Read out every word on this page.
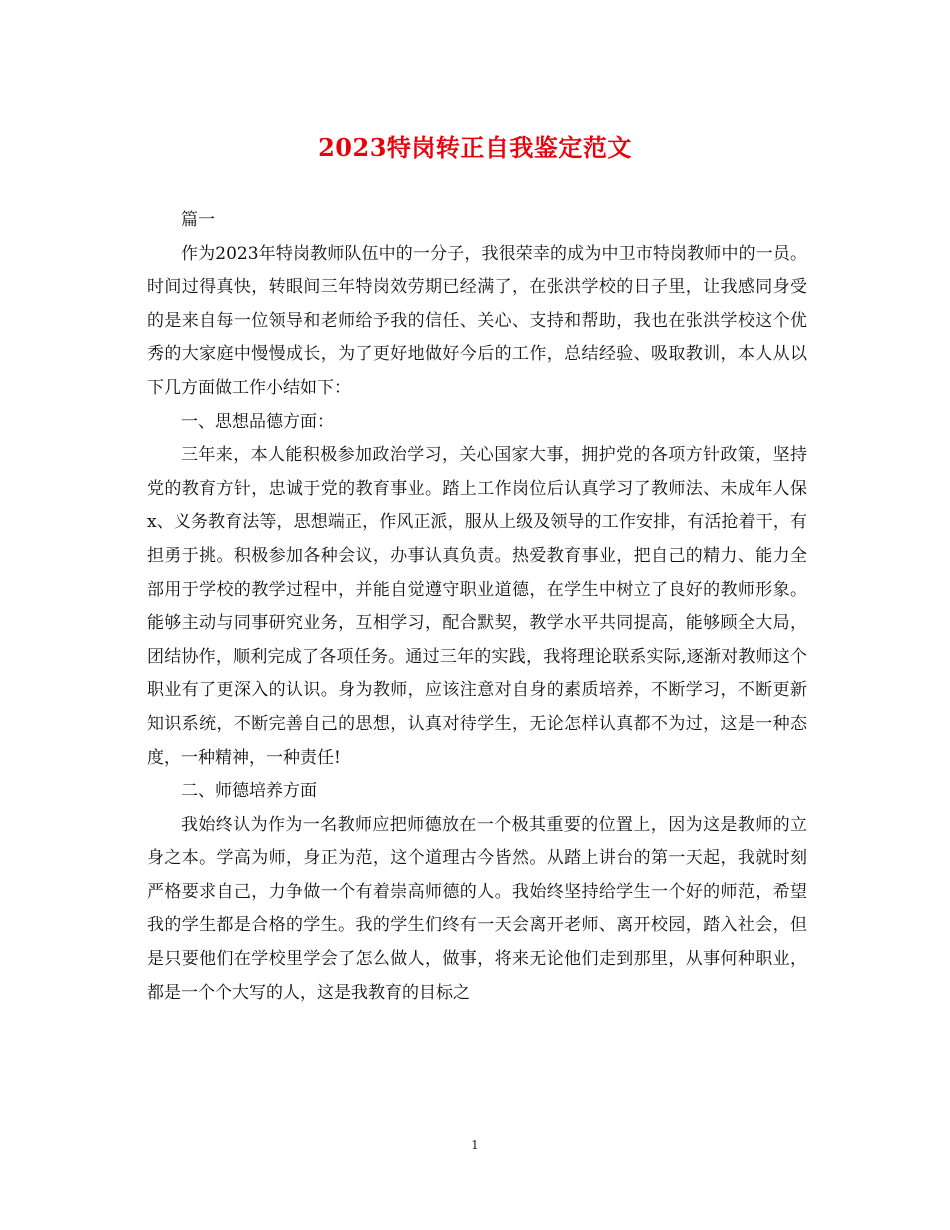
2023特岗转正自我鉴定范文

篇一

作为2023年特岗教师队伍中的一分子，我很荣幸的成为中卫市特岗教师中的一员。时间过得真快，转眼间三年特岗效劳期已经满了，在张洪学校的日子里，让我感同身受的是来自每一位领导和老师给予我的信任、关心、支持和帮助，我也在张洪学校这个优秀的大家庭中慢慢成长，为了更好地做好今后的工作，总结经验、吸取教训，本人从以下几方面做工作小结如下：

一、思想品德方面：

三年来，本人能积极参加政治学习，关心国家大事，拥护党的各项方针政策，坚持党的教育方针，忠诚于党的教育事业。踏上工作岗位后认真学习了教师法、未成年人保x、义务教育法等，思想端正，作风正派，服从上级及领导的工作安排，有活抢着干，有担勇于挑。积极参加各种会议，办事认真负责。热爱教育事业，把自己的精力、能力全部用于学校的教学过程中，并能自觉遵守职业道德，在学生中树立了良好的教师形象。能够主动与同事研究业务，互相学习，配合默契，教学水平共同提高，能够顾全大局，团结协作，顺利完成了各项任务。通过三年的实践，我将理论联系实际,逐渐对教师这个职业有了更深入的认识。身为教师，应该注意对自身的素质培养，不断学习，不断更新知识系统，不断完善自己的思想，认真对待学生，无论怎样认真都不为过，这是一种态度，一种精神，一种责任!

二、师德培养方面

我始终认为作为一名教师应把师德放在一个极其重要的位置上，因为这是教师的立身之本。学高为师，身正为范，这个道理古今皆然。从踏上讲台的第一天起，我就时刻严格要求自己，力争做一个有着崇高师德的人。我始终坚持给学生一个好的师范，希望我的学生都是合格的学生。我的学生们终有一天会离开老师、离开校园，踏入社会，但是只要他们在学校里学会了怎么做人，做事，将来无论他们走到那里，从事何种职业，都是一个个大写的人，这是我教育的目标之

1
